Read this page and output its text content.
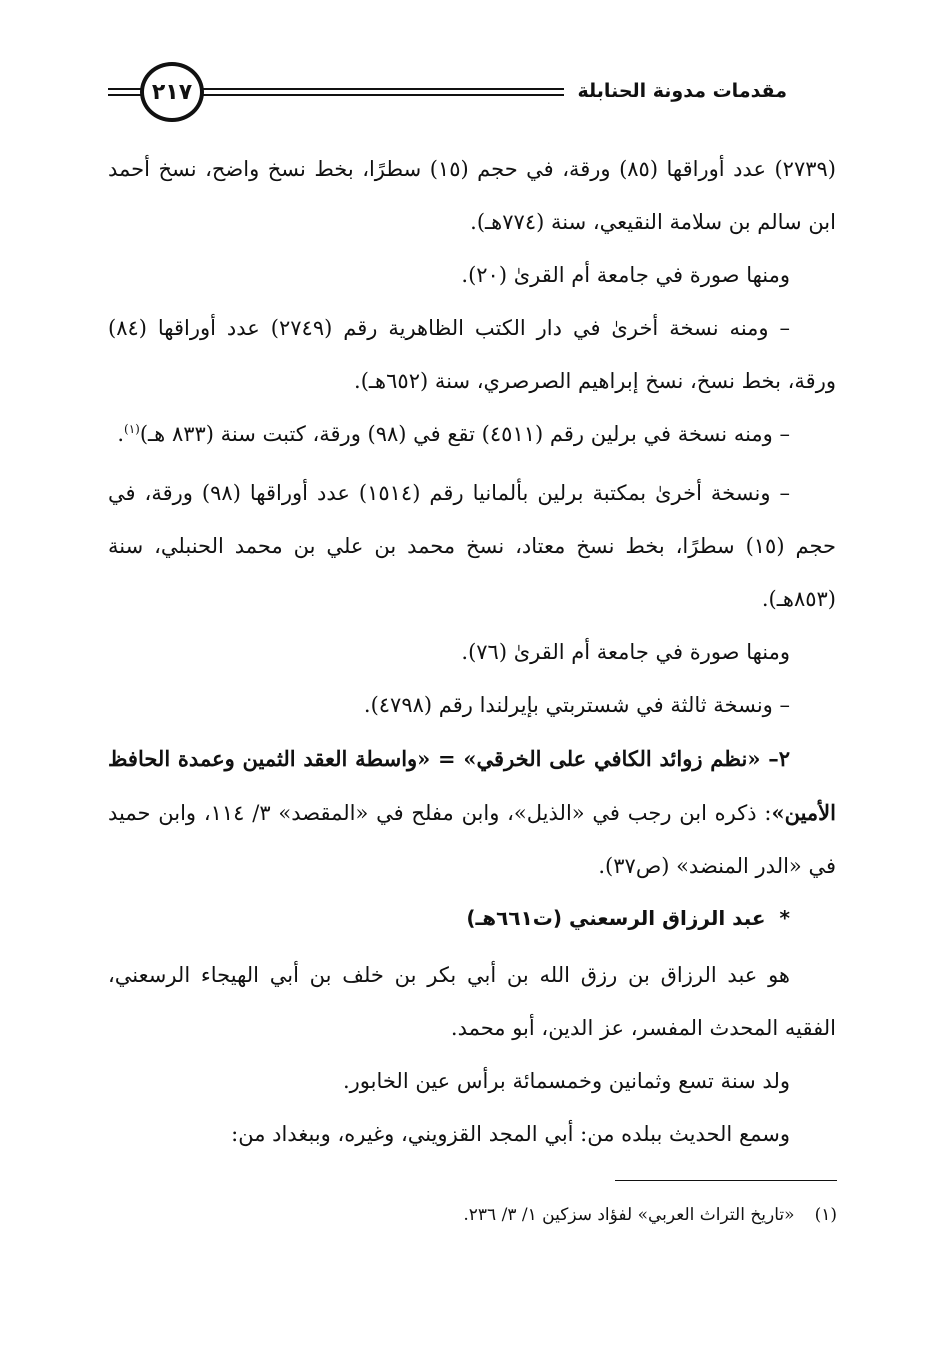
مقدمات مدونة الحنابلة
٢١٧

(٢٧٣٩) عدد أوراقها (٨٥) ورقة، في حجم (١٥) سطرًا، بخط نسخ واضح، نسخ أحمد ابن سالم بن سلامة النقيعي، سنة (٧٧٤هـ).

ومنها صورة في جامعة أم القرىٰ (٢٠).

– ومنه نسخة أخرىٰ في دار الكتب الظاهرية رقم (٢٧٤٩) عدد أوراقها (٨٤) ورقة، بخط نسخ، نسخ إبراهيم الصرصري، سنة (٦٥٢هـ).

– ومنه نسخة في برلين رقم (٤٥١١) تقع في (٩٨) ورقة، كتبت سنة (٨٣٣ هـ)$^{(١)}$.

– ونسخة أخرىٰ بمكتبة برلين بألمانيا رقم (١٥١٤) عدد أوراقها (٩٨) ورقة، في حجم (١٥) سطرًا، بخط نسخ معتاد، نسخ محمد بن علي بن محمد الحنبلي، سنة (٨٥٣هـ).

ومنها صورة في جامعة أم القرىٰ (٧٦).

– ونسخة ثالثة في شستربتي بإيرلندا رقم (٤٧٩٨).

٢– «نظم زوائد الكافي على الخرقي» = «واسطة العقد الثمين وعمدة الحافظ الأمين»: ذكره ابن رجب في «الذيل»، وابن مفلح في «المقصد» ٣/ ١١٤، وابن حميد في «الدر المنضد» (ص٣٧).

*عبد الرزاق الرسعني (ت٦٦١هـ)

هو عبد الرزاق بن رزق الله بن أبي بكر بن خلف بن أبي الهيجاء الرسعني، الفقيه المحدث المفسر، عز الدين، أبو محمد.

ولد سنة تسع وثمانين وخمسمائة برأس عين الخابور.

وسمع الحديث ببلده من: أبي المجد القزويني، وغيره، وببغداد من:

(١)«تاريخ التراث العربي» لفؤاد سزكين ١/ ٣/ ٢٣٦.
